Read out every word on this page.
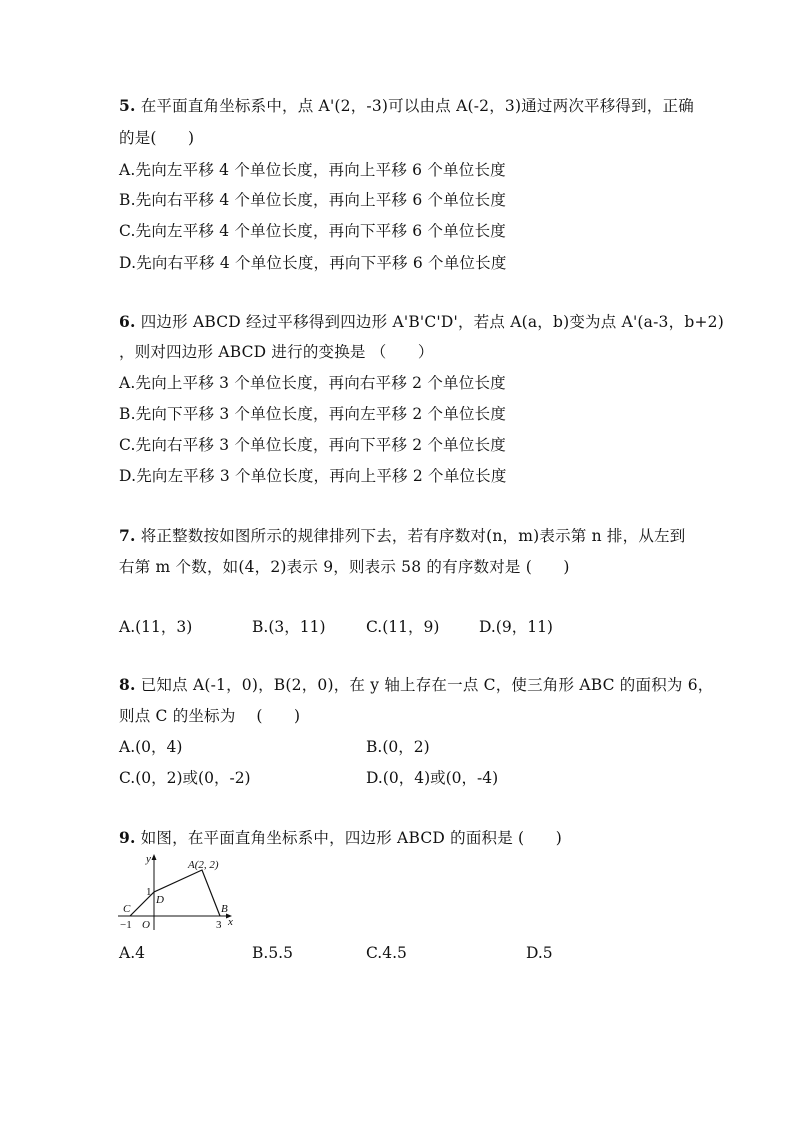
5. 在平面直角坐标系中，点 A'(2，-3)可以由点 A(-2，3)通过两次平移得到，正确
的是(　　)
A.先向左平移 4 个单位长度，再向上平移 6 个单位长度
B.先向右平移 4 个单位长度，再向上平移 6 个单位长度
C.先向左平移 4 个单位长度，再向下平移 6 个单位长度
D.先向右平移 4 个单位长度，再向下平移 6 个单位长度
6. 四边形 ABCD 经过平移得到四边形 A'B'C'D'，若点 A(a，b)变为点 A'(a-3，b+2)
，则对四边形 ABCD 进行的变换是 （　　）
A.先向上平移 3 个单位长度，再向右平移 2 个单位长度
B.先向下平移 3 个单位长度，再向左平移 2 个单位长度
C.先向右平移 3 个单位长度，再向下平移 2 个单位长度
D.先向左平移 3 个单位长度，再向上平移 2 个单位长度
7. 将正整数按如图所示的规律排列下去，若有序数对(n，m)表示第 n 排，从左到
右第 m 个数，如(4，2)表示 9，则表示 58 的有序数对是 (　　)
A.(11，3)	B.(3，11)	C.(11，9)	D.(9，11)
8. 已知点 A(-1，0)，B(2，0)，在 y 轴上存在一点 C，使三角形 ABC 的面积为 6，
则点 C 的坐标为　 (　　)
A.(0，4)	B.(0，2)
C.(0，2)或(0，-2)	D.(0，4)或(0，-4)
9. 如图，在平面直角坐标系中，四边形 ABCD 的面积是 (　　)
y
x
A(2, 2)
B
C
D
O
−1	3
1
A.4	B.5.5	C.4.5	D.5
